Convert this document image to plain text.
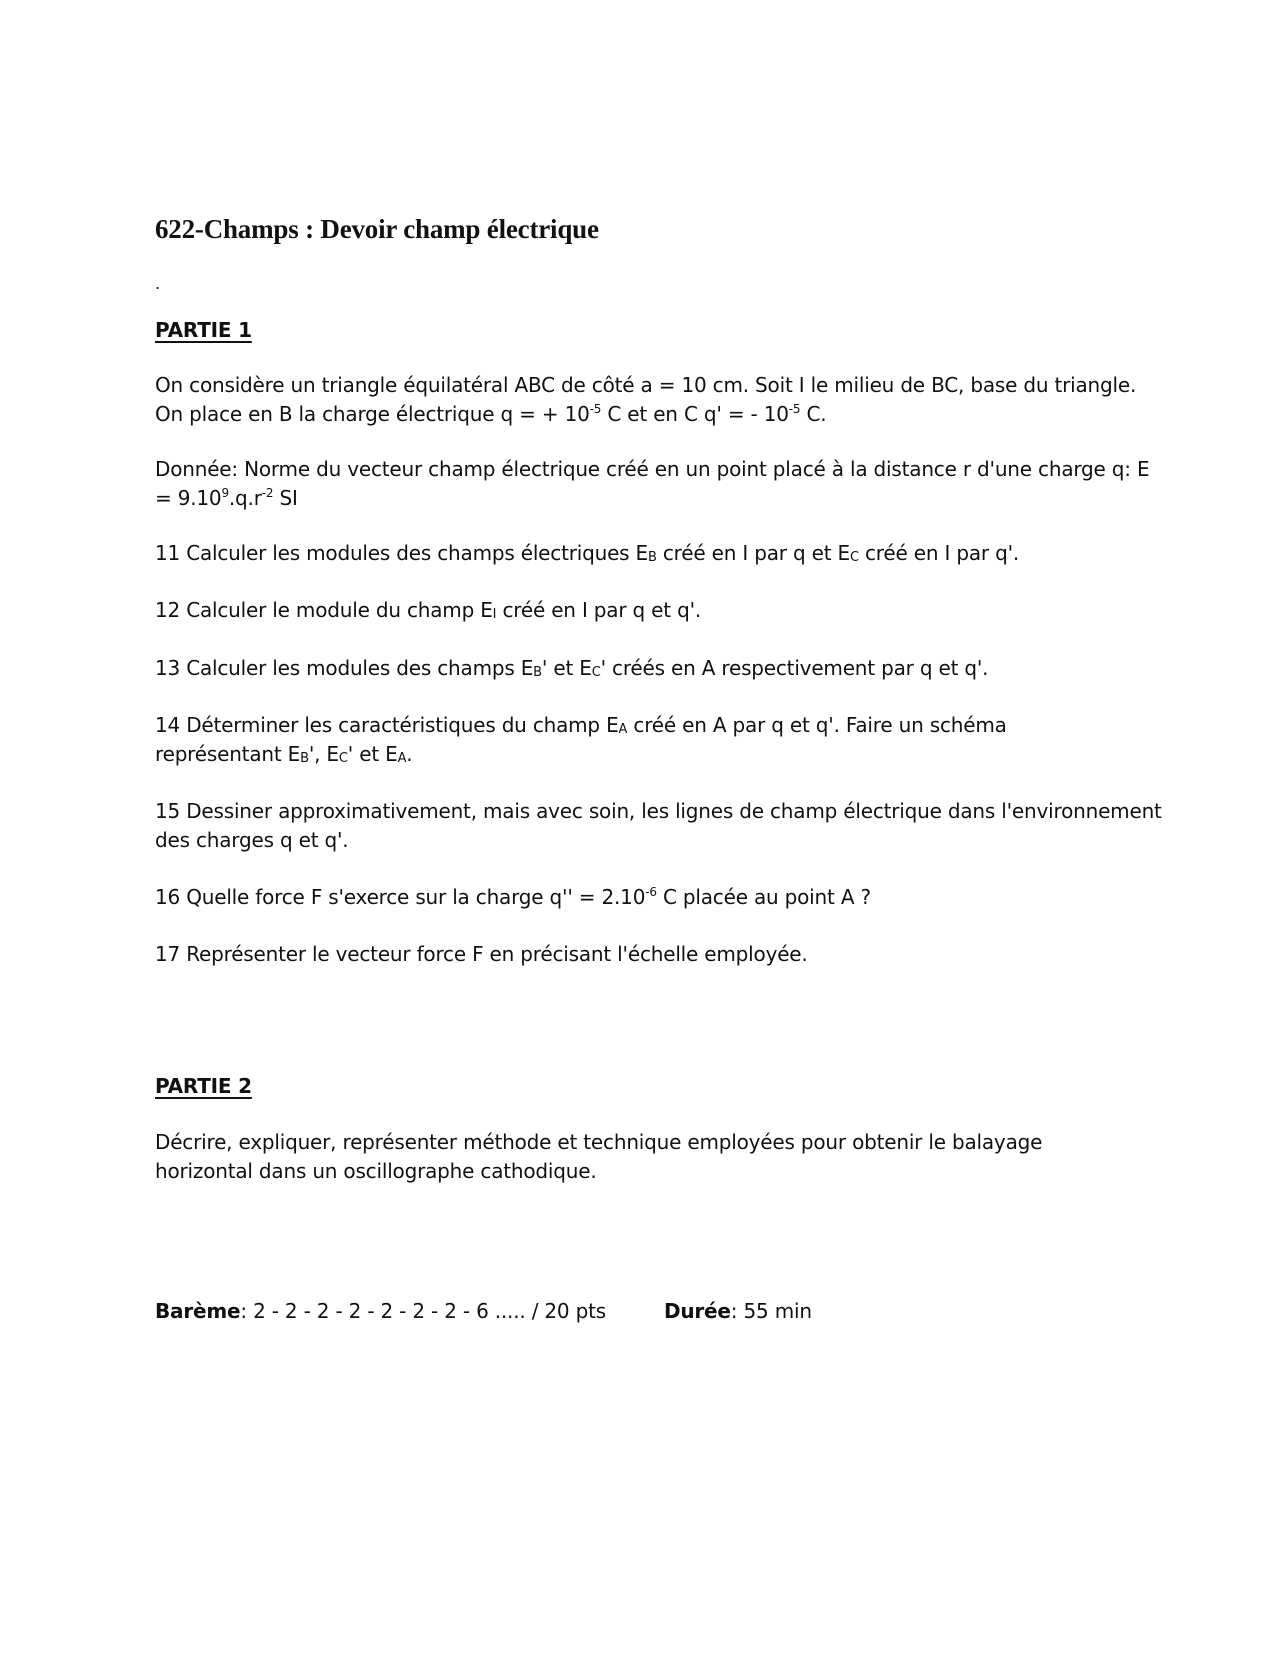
622-Champs : Devoir champ électrique
.
PARTIE 1

On considère un triangle équilatéral ABC de côté a = 10 cm. Soit I le milieu de BC, base du triangle.
On place en B la charge électrique q = + $10^{-5}$ C et en C q' = - $10^{-5}$ C.

Donnée: Norme du vecteur champ électrique créé en un point placé à la distance r d'une charge q: E
= $9.10^9.q.r^{-2}$ SI

11 Calculer les modules des champs électriques $E_B$ créé en I par q et $E_C$ créé en I par q'.

12 Calculer le module du champ $E_I$ créé en I par q et q'.

13 Calculer les modules des champs $E_B'$ et $E_C'$ créés en A respectivement par q et q'.

14 Déterminer les caractéristiques du champ $E_A$ créé en A par q et q'. Faire un schéma
représentant $E_B'$, $E_C'$ et $E_A$.

15 Dessiner approximativement, mais avec soin, les lignes de champ électrique dans l'environnement
des charges q et q'.

16 Quelle force F s'exerce sur la charge $q'' = 2.10^{-6}$ C placée au point A ?

17 Représenter le vecteur force F en précisant l'échelle employée.

PARTIE 2

Décrire, expliquer, représenter méthode et technique employées pour obtenir le balayage
horizontal dans un oscillographe cathodique.

Barème: 2 - 2 - 2 - 2 - 2 - 2 - 2 - 6 ..... / 20 pts	Durée: 55 min
